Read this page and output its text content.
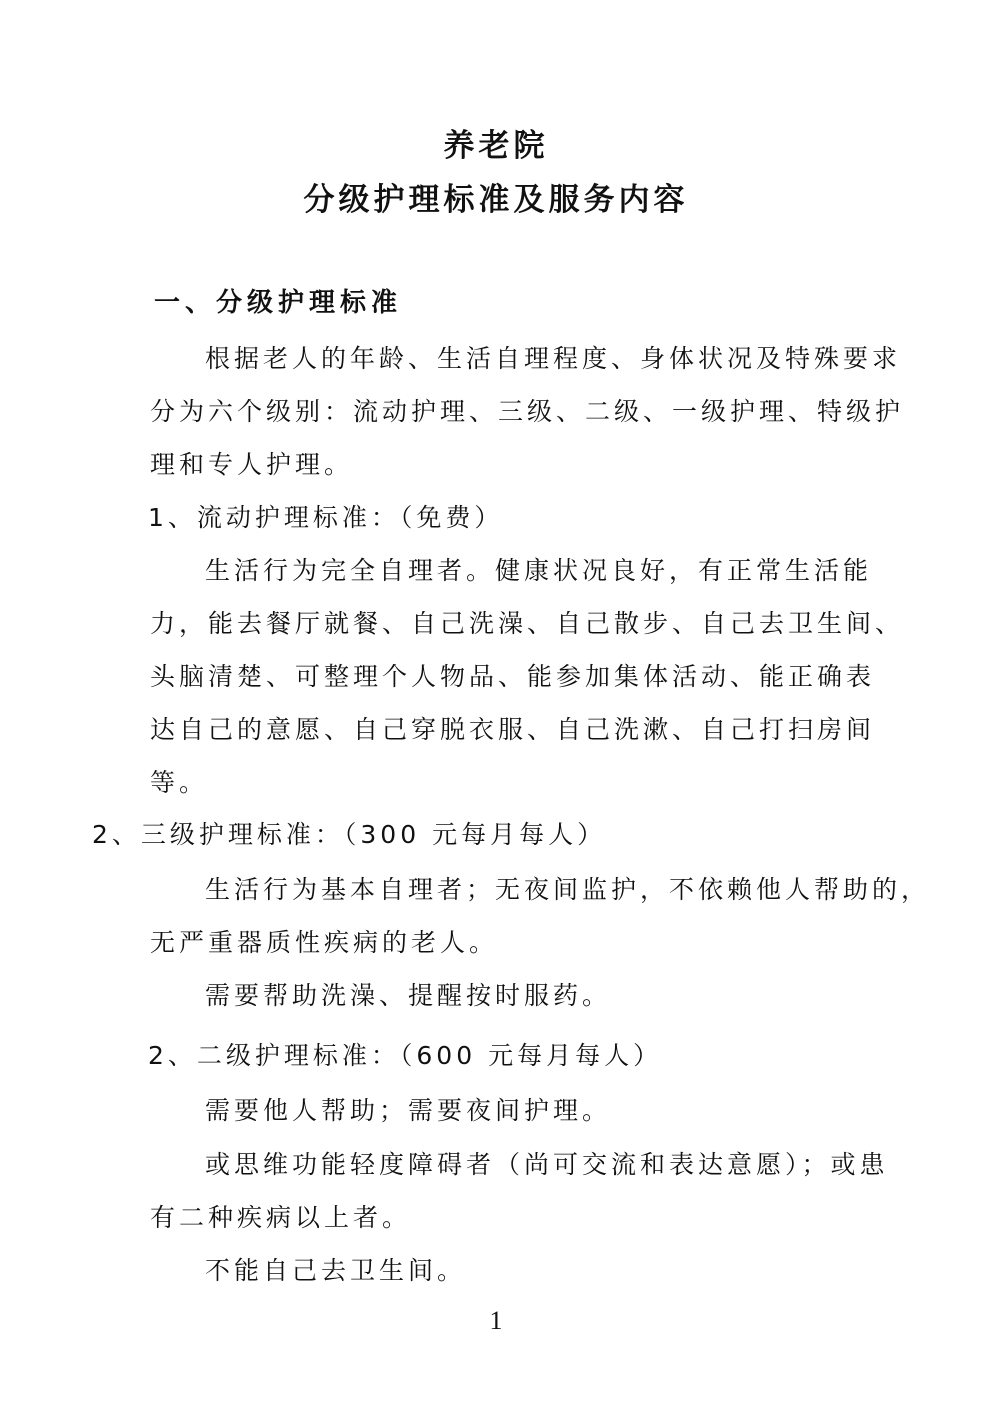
养老院
分级护理标准及服务内容
一、分级护理标准
根据老人的年龄、生活自理程度、身体状况及特殊要求
分为六个级别：流动护理、三级、二级、一级护理、特级护
理和专人护理。
1、流动护理标准：（免费）
生活行为完全自理者。健康状况良好，有正常生活能
力，能去餐厅就餐、自己洗澡、自己散步、自己去卫生间、
头脑清楚、可整理个人物品、能参加集体活动、能正确表
达自己的意愿、自己穿脱衣服、自己洗漱、自己打扫房间
等。
2、三级护理标准：（300 元每月每人）
生活行为基本自理者；无夜间监护，不依赖他人帮助的，
无严重器质性疾病的老人。
需要帮助洗澡、提醒按时服药。
2、二级护理标准：（600 元每月每人）
需要他人帮助；需要夜间护理。
或思维功能轻度障碍者（尚可交流和表达意愿）；或患
有二种疾病以上者。
不能自己去卫生间。
1
